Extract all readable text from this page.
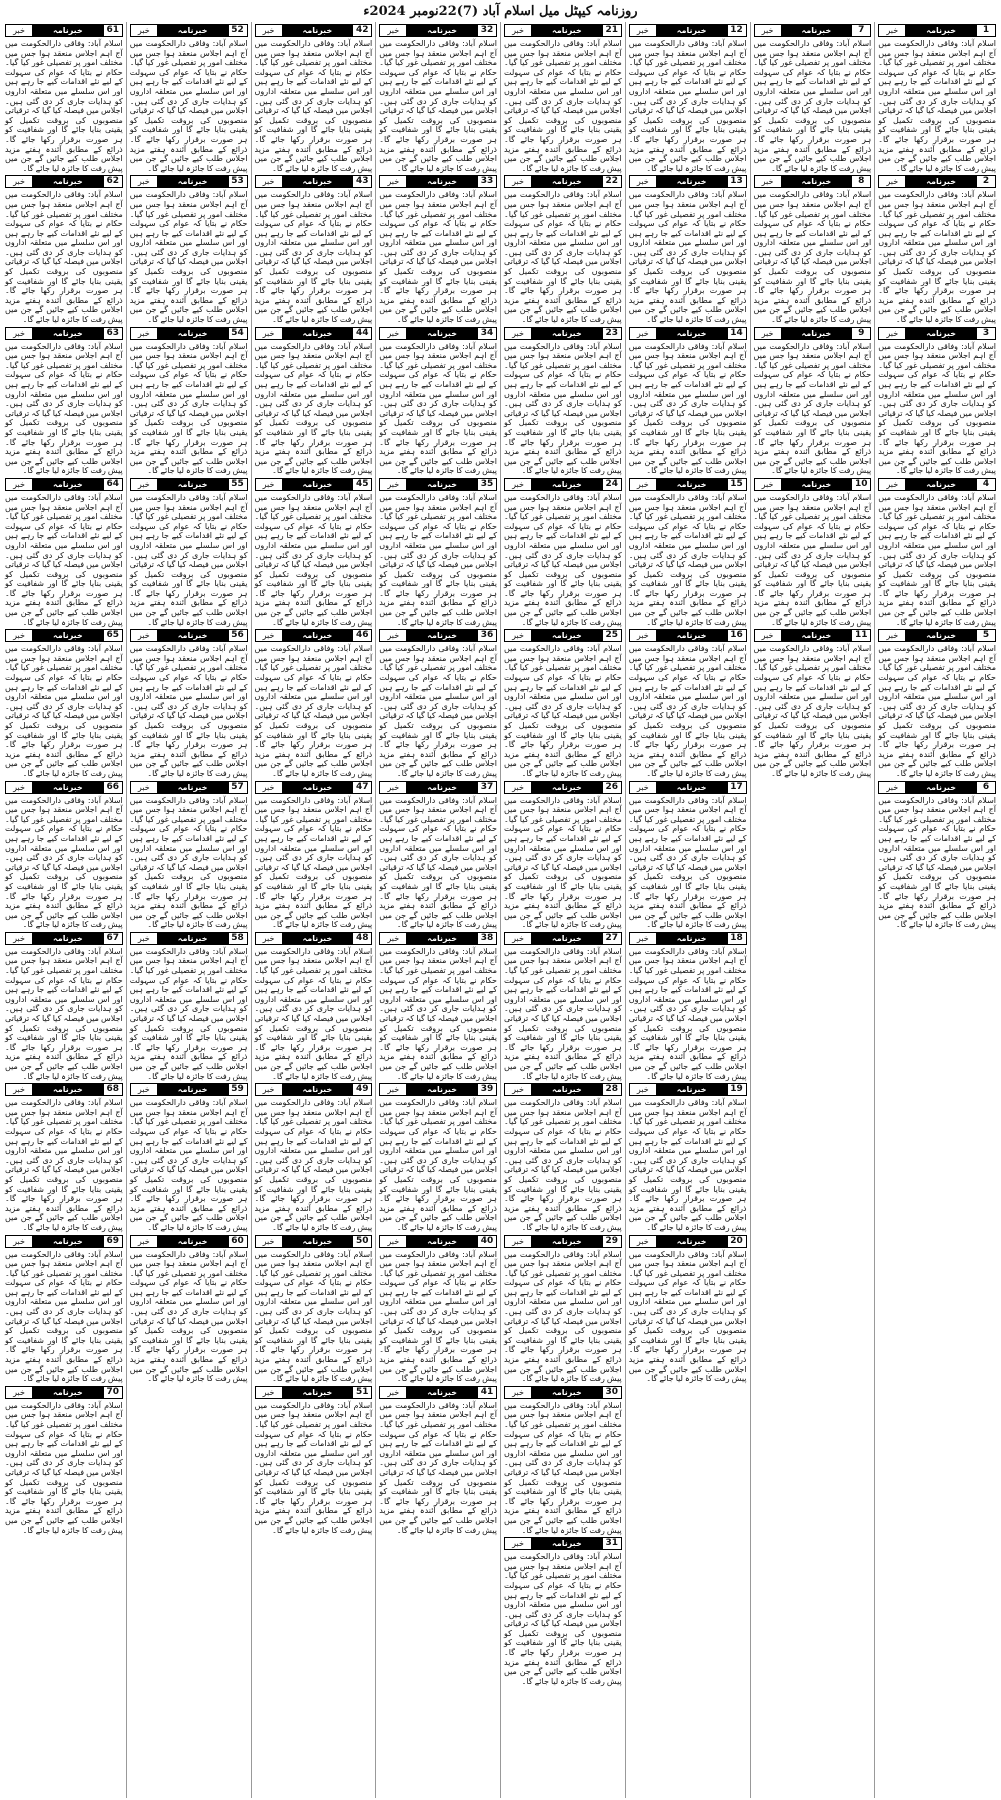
روزنامہ کیپٹل میل اسلام آباد (7)22نومبر 2024ء
1
خبرنامہ
خبر
اسلام آباد: وفاقی دارالحکومت میں آج اہم اجلاس منعقد ہوا جس میں مختلف امور پر تفصیلی غور کیا گیا۔ حکام نے بتایا کہ عوام کی سہولت کے لیے نئے اقدامات کیے جا رہے ہیں اور اس سلسلے میں متعلقہ اداروں کو ہدایات جاری کر دی گئی ہیں۔ اجلاس میں فیصلہ کیا گیا کہ ترقیاتی منصوبوں کی بروقت تکمیل کو یقینی بنایا جائے گا اور شفافیت کو ہر صورت برقرار رکھا جائے گا۔ ذرائع کے مطابق آئندہ ہفتے مزید اجلاس طلب کیے جائیں گے جن میں پیش رفت کا جائزہ لیا جائے گا۔
2
خبرنامہ
خبر
اسلام آباد: وفاقی دارالحکومت میں آج اہم اجلاس منعقد ہوا جس میں مختلف امور پر تفصیلی غور کیا گیا۔ حکام نے بتایا کہ عوام کی سہولت کے لیے نئے اقدامات کیے جا رہے ہیں اور اس سلسلے میں متعلقہ اداروں کو ہدایات جاری کر دی گئی ہیں۔ اجلاس میں فیصلہ کیا گیا کہ ترقیاتی منصوبوں کی بروقت تکمیل کو یقینی بنایا جائے گا اور شفافیت کو ہر صورت برقرار رکھا جائے گا۔ ذرائع کے مطابق آئندہ ہفتے مزید اجلاس طلب کیے جائیں گے جن میں پیش رفت کا جائزہ لیا جائے گا۔
3
خبرنامہ
خبر
اسلام آباد: وفاقی دارالحکومت میں آج اہم اجلاس منعقد ہوا جس میں مختلف امور پر تفصیلی غور کیا گیا۔ حکام نے بتایا کہ عوام کی سہولت کے لیے نئے اقدامات کیے جا رہے ہیں اور اس سلسلے میں متعلقہ اداروں کو ہدایات جاری کر دی گئی ہیں۔ اجلاس میں فیصلہ کیا گیا کہ ترقیاتی منصوبوں کی بروقت تکمیل کو یقینی بنایا جائے گا اور شفافیت کو ہر صورت برقرار رکھا جائے گا۔ ذرائع کے مطابق آئندہ ہفتے مزید اجلاس طلب کیے جائیں گے جن میں پیش رفت کا جائزہ لیا جائے گا۔
4
خبرنامہ
خبر
اسلام آباد: وفاقی دارالحکومت میں آج اہم اجلاس منعقد ہوا جس میں مختلف امور پر تفصیلی غور کیا گیا۔ حکام نے بتایا کہ عوام کی سہولت کے لیے نئے اقدامات کیے جا رہے ہیں اور اس سلسلے میں متعلقہ اداروں کو ہدایات جاری کر دی گئی ہیں۔ اجلاس میں فیصلہ کیا گیا کہ ترقیاتی منصوبوں کی بروقت تکمیل کو یقینی بنایا جائے گا اور شفافیت کو ہر صورت برقرار رکھا جائے گا۔ ذرائع کے مطابق آئندہ ہفتے مزید اجلاس طلب کیے جائیں گے جن میں پیش رفت کا جائزہ لیا جائے گا۔
5
خبرنامہ
خبر
اسلام آباد: وفاقی دارالحکومت میں آج اہم اجلاس منعقد ہوا جس میں مختلف امور پر تفصیلی غور کیا گیا۔ حکام نے بتایا کہ عوام کی سہولت کے لیے نئے اقدامات کیے جا رہے ہیں اور اس سلسلے میں متعلقہ اداروں کو ہدایات جاری کر دی گئی ہیں۔ اجلاس میں فیصلہ کیا گیا کہ ترقیاتی منصوبوں کی بروقت تکمیل کو یقینی بنایا جائے گا اور شفافیت کو ہر صورت برقرار رکھا جائے گا۔ ذرائع کے مطابق آئندہ ہفتے مزید اجلاس طلب کیے جائیں گے جن میں پیش رفت کا جائزہ لیا جائے گا۔
6
خبرنامہ
خبر
اسلام آباد: وفاقی دارالحکومت میں آج اہم اجلاس منعقد ہوا جس میں مختلف امور پر تفصیلی غور کیا گیا۔ حکام نے بتایا کہ عوام کی سہولت کے لیے نئے اقدامات کیے جا رہے ہیں اور اس سلسلے میں متعلقہ اداروں کو ہدایات جاری کر دی گئی ہیں۔ اجلاس میں فیصلہ کیا گیا کہ ترقیاتی منصوبوں کی بروقت تکمیل کو یقینی بنایا جائے گا اور شفافیت کو ہر صورت برقرار رکھا جائے گا۔ ذرائع کے مطابق آئندہ ہفتے مزید اجلاس طلب کیے جائیں گے جن میں پیش رفت کا جائزہ لیا جائے گا۔
7
خبرنامہ
خبر
اسلام آباد: وفاقی دارالحکومت میں آج اہم اجلاس منعقد ہوا جس میں مختلف امور پر تفصیلی غور کیا گیا۔ حکام نے بتایا کہ عوام کی سہولت کے لیے نئے اقدامات کیے جا رہے ہیں اور اس سلسلے میں متعلقہ اداروں کو ہدایات جاری کر دی گئی ہیں۔ اجلاس میں فیصلہ کیا گیا کہ ترقیاتی منصوبوں کی بروقت تکمیل کو یقینی بنایا جائے گا اور شفافیت کو ہر صورت برقرار رکھا جائے گا۔ ذرائع کے مطابق آئندہ ہفتے مزید اجلاس طلب کیے جائیں گے جن میں پیش رفت کا جائزہ لیا جائے گا۔
8
خبرنامہ
خبر
اسلام آباد: وفاقی دارالحکومت میں آج اہم اجلاس منعقد ہوا جس میں مختلف امور پر تفصیلی غور کیا گیا۔ حکام نے بتایا کہ عوام کی سہولت کے لیے نئے اقدامات کیے جا رہے ہیں اور اس سلسلے میں متعلقہ اداروں کو ہدایات جاری کر دی گئی ہیں۔ اجلاس میں فیصلہ کیا گیا کہ ترقیاتی منصوبوں کی بروقت تکمیل کو یقینی بنایا جائے گا اور شفافیت کو ہر صورت برقرار رکھا جائے گا۔ ذرائع کے مطابق آئندہ ہفتے مزید اجلاس طلب کیے جائیں گے جن میں پیش رفت کا جائزہ لیا جائے گا۔
9
خبرنامہ
خبر
اسلام آباد: وفاقی دارالحکومت میں آج اہم اجلاس منعقد ہوا جس میں مختلف امور پر تفصیلی غور کیا گیا۔ حکام نے بتایا کہ عوام کی سہولت کے لیے نئے اقدامات کیے جا رہے ہیں اور اس سلسلے میں متعلقہ اداروں کو ہدایات جاری کر دی گئی ہیں۔ اجلاس میں فیصلہ کیا گیا کہ ترقیاتی منصوبوں کی بروقت تکمیل کو یقینی بنایا جائے گا اور شفافیت کو ہر صورت برقرار رکھا جائے گا۔ ذرائع کے مطابق آئندہ ہفتے مزید اجلاس طلب کیے جائیں گے جن میں پیش رفت کا جائزہ لیا جائے گا۔
10
خبرنامہ
خبر
اسلام آباد: وفاقی دارالحکومت میں آج اہم اجلاس منعقد ہوا جس میں مختلف امور پر تفصیلی غور کیا گیا۔ حکام نے بتایا کہ عوام کی سہولت کے لیے نئے اقدامات کیے جا رہے ہیں اور اس سلسلے میں متعلقہ اداروں کو ہدایات جاری کر دی گئی ہیں۔ اجلاس میں فیصلہ کیا گیا کہ ترقیاتی منصوبوں کی بروقت تکمیل کو یقینی بنایا جائے گا اور شفافیت کو ہر صورت برقرار رکھا جائے گا۔ ذرائع کے مطابق آئندہ ہفتے مزید اجلاس طلب کیے جائیں گے جن میں پیش رفت کا جائزہ لیا جائے گا۔
11
خبرنامہ
خبر
اسلام آباد: وفاقی دارالحکومت میں آج اہم اجلاس منعقد ہوا جس میں مختلف امور پر تفصیلی غور کیا گیا۔ حکام نے بتایا کہ عوام کی سہولت کے لیے نئے اقدامات کیے جا رہے ہیں اور اس سلسلے میں متعلقہ اداروں کو ہدایات جاری کر دی گئی ہیں۔ اجلاس میں فیصلہ کیا گیا کہ ترقیاتی منصوبوں کی بروقت تکمیل کو یقینی بنایا جائے گا اور شفافیت کو ہر صورت برقرار رکھا جائے گا۔ ذرائع کے مطابق آئندہ ہفتے مزید اجلاس طلب کیے جائیں گے جن میں پیش رفت کا جائزہ لیا جائے گا۔
12
خبرنامہ
خبر
اسلام آباد: وفاقی دارالحکومت میں آج اہم اجلاس منعقد ہوا جس میں مختلف امور پر تفصیلی غور کیا گیا۔ حکام نے بتایا کہ عوام کی سہولت کے لیے نئے اقدامات کیے جا رہے ہیں اور اس سلسلے میں متعلقہ اداروں کو ہدایات جاری کر دی گئی ہیں۔ اجلاس میں فیصلہ کیا گیا کہ ترقیاتی منصوبوں کی بروقت تکمیل کو یقینی بنایا جائے گا اور شفافیت کو ہر صورت برقرار رکھا جائے گا۔ ذرائع کے مطابق آئندہ ہفتے مزید اجلاس طلب کیے جائیں گے جن میں پیش رفت کا جائزہ لیا جائے گا۔
13
خبرنامہ
خبر
اسلام آباد: وفاقی دارالحکومت میں آج اہم اجلاس منعقد ہوا جس میں مختلف امور پر تفصیلی غور کیا گیا۔ حکام نے بتایا کہ عوام کی سہولت کے لیے نئے اقدامات کیے جا رہے ہیں اور اس سلسلے میں متعلقہ اداروں کو ہدایات جاری کر دی گئی ہیں۔ اجلاس میں فیصلہ کیا گیا کہ ترقیاتی منصوبوں کی بروقت تکمیل کو یقینی بنایا جائے گا اور شفافیت کو ہر صورت برقرار رکھا جائے گا۔ ذرائع کے مطابق آئندہ ہفتے مزید اجلاس طلب کیے جائیں گے جن میں پیش رفت کا جائزہ لیا جائے گا۔
14
خبرنامہ
خبر
اسلام آباد: وفاقی دارالحکومت میں آج اہم اجلاس منعقد ہوا جس میں مختلف امور پر تفصیلی غور کیا گیا۔ حکام نے بتایا کہ عوام کی سہولت کے لیے نئے اقدامات کیے جا رہے ہیں اور اس سلسلے میں متعلقہ اداروں کو ہدایات جاری کر دی گئی ہیں۔ اجلاس میں فیصلہ کیا گیا کہ ترقیاتی منصوبوں کی بروقت تکمیل کو یقینی بنایا جائے گا اور شفافیت کو ہر صورت برقرار رکھا جائے گا۔ ذرائع کے مطابق آئندہ ہفتے مزید اجلاس طلب کیے جائیں گے جن میں پیش رفت کا جائزہ لیا جائے گا۔
15
خبرنامہ
خبر
اسلام آباد: وفاقی دارالحکومت میں آج اہم اجلاس منعقد ہوا جس میں مختلف امور پر تفصیلی غور کیا گیا۔ حکام نے بتایا کہ عوام کی سہولت کے لیے نئے اقدامات کیے جا رہے ہیں اور اس سلسلے میں متعلقہ اداروں کو ہدایات جاری کر دی گئی ہیں۔ اجلاس میں فیصلہ کیا گیا کہ ترقیاتی منصوبوں کی بروقت تکمیل کو یقینی بنایا جائے گا اور شفافیت کو ہر صورت برقرار رکھا جائے گا۔ ذرائع کے مطابق آئندہ ہفتے مزید اجلاس طلب کیے جائیں گے جن میں پیش رفت کا جائزہ لیا جائے گا۔
16
خبرنامہ
خبر
اسلام آباد: وفاقی دارالحکومت میں آج اہم اجلاس منعقد ہوا جس میں مختلف امور پر تفصیلی غور کیا گیا۔ حکام نے بتایا کہ عوام کی سہولت کے لیے نئے اقدامات کیے جا رہے ہیں اور اس سلسلے میں متعلقہ اداروں کو ہدایات جاری کر دی گئی ہیں۔ اجلاس میں فیصلہ کیا گیا کہ ترقیاتی منصوبوں کی بروقت تکمیل کو یقینی بنایا جائے گا اور شفافیت کو ہر صورت برقرار رکھا جائے گا۔ ذرائع کے مطابق آئندہ ہفتے مزید اجلاس طلب کیے جائیں گے جن میں پیش رفت کا جائزہ لیا جائے گا۔
17
خبرنامہ
خبر
اسلام آباد: وفاقی دارالحکومت میں آج اہم اجلاس منعقد ہوا جس میں مختلف امور پر تفصیلی غور کیا گیا۔ حکام نے بتایا کہ عوام کی سہولت کے لیے نئے اقدامات کیے جا رہے ہیں اور اس سلسلے میں متعلقہ اداروں کو ہدایات جاری کر دی گئی ہیں۔ اجلاس میں فیصلہ کیا گیا کہ ترقیاتی منصوبوں کی بروقت تکمیل کو یقینی بنایا جائے گا اور شفافیت کو ہر صورت برقرار رکھا جائے گا۔ ذرائع کے مطابق آئندہ ہفتے مزید اجلاس طلب کیے جائیں گے جن میں پیش رفت کا جائزہ لیا جائے گا۔
18
خبرنامہ
خبر
اسلام آباد: وفاقی دارالحکومت میں آج اہم اجلاس منعقد ہوا جس میں مختلف امور پر تفصیلی غور کیا گیا۔ حکام نے بتایا کہ عوام کی سہولت کے لیے نئے اقدامات کیے جا رہے ہیں اور اس سلسلے میں متعلقہ اداروں کو ہدایات جاری کر دی گئی ہیں۔ اجلاس میں فیصلہ کیا گیا کہ ترقیاتی منصوبوں کی بروقت تکمیل کو یقینی بنایا جائے گا اور شفافیت کو ہر صورت برقرار رکھا جائے گا۔ ذرائع کے مطابق آئندہ ہفتے مزید اجلاس طلب کیے جائیں گے جن میں پیش رفت کا جائزہ لیا جائے گا۔
19
خبرنامہ
خبر
اسلام آباد: وفاقی دارالحکومت میں آج اہم اجلاس منعقد ہوا جس میں مختلف امور پر تفصیلی غور کیا گیا۔ حکام نے بتایا کہ عوام کی سہولت کے لیے نئے اقدامات کیے جا رہے ہیں اور اس سلسلے میں متعلقہ اداروں کو ہدایات جاری کر دی گئی ہیں۔ اجلاس میں فیصلہ کیا گیا کہ ترقیاتی منصوبوں کی بروقت تکمیل کو یقینی بنایا جائے گا اور شفافیت کو ہر صورت برقرار رکھا جائے گا۔ ذرائع کے مطابق آئندہ ہفتے مزید اجلاس طلب کیے جائیں گے جن میں پیش رفت کا جائزہ لیا جائے گا۔
20
خبرنامہ
خبر
اسلام آباد: وفاقی دارالحکومت میں آج اہم اجلاس منعقد ہوا جس میں مختلف امور پر تفصیلی غور کیا گیا۔ حکام نے بتایا کہ عوام کی سہولت کے لیے نئے اقدامات کیے جا رہے ہیں اور اس سلسلے میں متعلقہ اداروں کو ہدایات جاری کر دی گئی ہیں۔ اجلاس میں فیصلہ کیا گیا کہ ترقیاتی منصوبوں کی بروقت تکمیل کو یقینی بنایا جائے گا اور شفافیت کو ہر صورت برقرار رکھا جائے گا۔ ذرائع کے مطابق آئندہ ہفتے مزید اجلاس طلب کیے جائیں گے جن میں پیش رفت کا جائزہ لیا جائے گا۔
21
خبرنامہ
خبر
اسلام آباد: وفاقی دارالحکومت میں آج اہم اجلاس منعقد ہوا جس میں مختلف امور پر تفصیلی غور کیا گیا۔ حکام نے بتایا کہ عوام کی سہولت کے لیے نئے اقدامات کیے جا رہے ہیں اور اس سلسلے میں متعلقہ اداروں کو ہدایات جاری کر دی گئی ہیں۔ اجلاس میں فیصلہ کیا گیا کہ ترقیاتی منصوبوں کی بروقت تکمیل کو یقینی بنایا جائے گا اور شفافیت کو ہر صورت برقرار رکھا جائے گا۔ ذرائع کے مطابق آئندہ ہفتے مزید اجلاس طلب کیے جائیں گے جن میں پیش رفت کا جائزہ لیا جائے گا۔
22
خبرنامہ
خبر
اسلام آباد: وفاقی دارالحکومت میں آج اہم اجلاس منعقد ہوا جس میں مختلف امور پر تفصیلی غور کیا گیا۔ حکام نے بتایا کہ عوام کی سہولت کے لیے نئے اقدامات کیے جا رہے ہیں اور اس سلسلے میں متعلقہ اداروں کو ہدایات جاری کر دی گئی ہیں۔ اجلاس میں فیصلہ کیا گیا کہ ترقیاتی منصوبوں کی بروقت تکمیل کو یقینی بنایا جائے گا اور شفافیت کو ہر صورت برقرار رکھا جائے گا۔ ذرائع کے مطابق آئندہ ہفتے مزید اجلاس طلب کیے جائیں گے جن میں پیش رفت کا جائزہ لیا جائے گا۔
23
خبرنامہ
خبر
اسلام آباد: وفاقی دارالحکومت میں آج اہم اجلاس منعقد ہوا جس میں مختلف امور پر تفصیلی غور کیا گیا۔ حکام نے بتایا کہ عوام کی سہولت کے لیے نئے اقدامات کیے جا رہے ہیں اور اس سلسلے میں متعلقہ اداروں کو ہدایات جاری کر دی گئی ہیں۔ اجلاس میں فیصلہ کیا گیا کہ ترقیاتی منصوبوں کی بروقت تکمیل کو یقینی بنایا جائے گا اور شفافیت کو ہر صورت برقرار رکھا جائے گا۔ ذرائع کے مطابق آئندہ ہفتے مزید اجلاس طلب کیے جائیں گے جن میں پیش رفت کا جائزہ لیا جائے گا۔
24
خبرنامہ
خبر
اسلام آباد: وفاقی دارالحکومت میں آج اہم اجلاس منعقد ہوا جس میں مختلف امور پر تفصیلی غور کیا گیا۔ حکام نے بتایا کہ عوام کی سہولت کے لیے نئے اقدامات کیے جا رہے ہیں اور اس سلسلے میں متعلقہ اداروں کو ہدایات جاری کر دی گئی ہیں۔ اجلاس میں فیصلہ کیا گیا کہ ترقیاتی منصوبوں کی بروقت تکمیل کو یقینی بنایا جائے گا اور شفافیت کو ہر صورت برقرار رکھا جائے گا۔ ذرائع کے مطابق آئندہ ہفتے مزید اجلاس طلب کیے جائیں گے جن میں پیش رفت کا جائزہ لیا جائے گا۔
25
خبرنامہ
خبر
اسلام آباد: وفاقی دارالحکومت میں آج اہم اجلاس منعقد ہوا جس میں مختلف امور پر تفصیلی غور کیا گیا۔ حکام نے بتایا کہ عوام کی سہولت کے لیے نئے اقدامات کیے جا رہے ہیں اور اس سلسلے میں متعلقہ اداروں کو ہدایات جاری کر دی گئی ہیں۔ اجلاس میں فیصلہ کیا گیا کہ ترقیاتی منصوبوں کی بروقت تکمیل کو یقینی بنایا جائے گا اور شفافیت کو ہر صورت برقرار رکھا جائے گا۔ ذرائع کے مطابق آئندہ ہفتے مزید اجلاس طلب کیے جائیں گے جن میں پیش رفت کا جائزہ لیا جائے گا۔
26
خبرنامہ
خبر
اسلام آباد: وفاقی دارالحکومت میں آج اہم اجلاس منعقد ہوا جس میں مختلف امور پر تفصیلی غور کیا گیا۔ حکام نے بتایا کہ عوام کی سہولت کے لیے نئے اقدامات کیے جا رہے ہیں اور اس سلسلے میں متعلقہ اداروں کو ہدایات جاری کر دی گئی ہیں۔ اجلاس میں فیصلہ کیا گیا کہ ترقیاتی منصوبوں کی بروقت تکمیل کو یقینی بنایا جائے گا اور شفافیت کو ہر صورت برقرار رکھا جائے گا۔ ذرائع کے مطابق آئندہ ہفتے مزید اجلاس طلب کیے جائیں گے جن میں پیش رفت کا جائزہ لیا جائے گا۔
27
خبرنامہ
خبر
اسلام آباد: وفاقی دارالحکومت میں آج اہم اجلاس منعقد ہوا جس میں مختلف امور پر تفصیلی غور کیا گیا۔ حکام نے بتایا کہ عوام کی سہولت کے لیے نئے اقدامات کیے جا رہے ہیں اور اس سلسلے میں متعلقہ اداروں کو ہدایات جاری کر دی گئی ہیں۔ اجلاس میں فیصلہ کیا گیا کہ ترقیاتی منصوبوں کی بروقت تکمیل کو یقینی بنایا جائے گا اور شفافیت کو ہر صورت برقرار رکھا جائے گا۔ ذرائع کے مطابق آئندہ ہفتے مزید اجلاس طلب کیے جائیں گے جن میں پیش رفت کا جائزہ لیا جائے گا۔
28
خبرنامہ
خبر
اسلام آباد: وفاقی دارالحکومت میں آج اہم اجلاس منعقد ہوا جس میں مختلف امور پر تفصیلی غور کیا گیا۔ حکام نے بتایا کہ عوام کی سہولت کے لیے نئے اقدامات کیے جا رہے ہیں اور اس سلسلے میں متعلقہ اداروں کو ہدایات جاری کر دی گئی ہیں۔ اجلاس میں فیصلہ کیا گیا کہ ترقیاتی منصوبوں کی بروقت تکمیل کو یقینی بنایا جائے گا اور شفافیت کو ہر صورت برقرار رکھا جائے گا۔ ذرائع کے مطابق آئندہ ہفتے مزید اجلاس طلب کیے جائیں گے جن میں پیش رفت کا جائزہ لیا جائے گا۔
29
خبرنامہ
خبر
اسلام آباد: وفاقی دارالحکومت میں آج اہم اجلاس منعقد ہوا جس میں مختلف امور پر تفصیلی غور کیا گیا۔ حکام نے بتایا کہ عوام کی سہولت کے لیے نئے اقدامات کیے جا رہے ہیں اور اس سلسلے میں متعلقہ اداروں کو ہدایات جاری کر دی گئی ہیں۔ اجلاس میں فیصلہ کیا گیا کہ ترقیاتی منصوبوں کی بروقت تکمیل کو یقینی بنایا جائے گا اور شفافیت کو ہر صورت برقرار رکھا جائے گا۔ ذرائع کے مطابق آئندہ ہفتے مزید اجلاس طلب کیے جائیں گے جن میں پیش رفت کا جائزہ لیا جائے گا۔
30
خبرنامہ
خبر
اسلام آباد: وفاقی دارالحکومت میں آج اہم اجلاس منعقد ہوا جس میں مختلف امور پر تفصیلی غور کیا گیا۔ حکام نے بتایا کہ عوام کی سہولت کے لیے نئے اقدامات کیے جا رہے ہیں اور اس سلسلے میں متعلقہ اداروں کو ہدایات جاری کر دی گئی ہیں۔ اجلاس میں فیصلہ کیا گیا کہ ترقیاتی منصوبوں کی بروقت تکمیل کو یقینی بنایا جائے گا اور شفافیت کو ہر صورت برقرار رکھا جائے گا۔ ذرائع کے مطابق آئندہ ہفتے مزید اجلاس طلب کیے جائیں گے جن میں پیش رفت کا جائزہ لیا جائے گا۔
31
خبرنامہ
خبر
اسلام آباد: وفاقی دارالحکومت میں آج اہم اجلاس منعقد ہوا جس میں مختلف امور پر تفصیلی غور کیا گیا۔ حکام نے بتایا کہ عوام کی سہولت کے لیے نئے اقدامات کیے جا رہے ہیں اور اس سلسلے میں متعلقہ اداروں کو ہدایات جاری کر دی گئی ہیں۔ اجلاس میں فیصلہ کیا گیا کہ ترقیاتی منصوبوں کی بروقت تکمیل کو یقینی بنایا جائے گا اور شفافیت کو ہر صورت برقرار رکھا جائے گا۔ ذرائع کے مطابق آئندہ ہفتے مزید اجلاس طلب کیے جائیں گے جن میں پیش رفت کا جائزہ لیا جائے گا۔
32
خبرنامہ
خبر
اسلام آباد: وفاقی دارالحکومت میں آج اہم اجلاس منعقد ہوا جس میں مختلف امور پر تفصیلی غور کیا گیا۔ حکام نے بتایا کہ عوام کی سہولت کے لیے نئے اقدامات کیے جا رہے ہیں اور اس سلسلے میں متعلقہ اداروں کو ہدایات جاری کر دی گئی ہیں۔ اجلاس میں فیصلہ کیا گیا کہ ترقیاتی منصوبوں کی بروقت تکمیل کو یقینی بنایا جائے گا اور شفافیت کو ہر صورت برقرار رکھا جائے گا۔ ذرائع کے مطابق آئندہ ہفتے مزید اجلاس طلب کیے جائیں گے جن میں پیش رفت کا جائزہ لیا جائے گا۔
33
خبرنامہ
خبر
اسلام آباد: وفاقی دارالحکومت میں آج اہم اجلاس منعقد ہوا جس میں مختلف امور پر تفصیلی غور کیا گیا۔ حکام نے بتایا کہ عوام کی سہولت کے لیے نئے اقدامات کیے جا رہے ہیں اور اس سلسلے میں متعلقہ اداروں کو ہدایات جاری کر دی گئی ہیں۔ اجلاس میں فیصلہ کیا گیا کہ ترقیاتی منصوبوں کی بروقت تکمیل کو یقینی بنایا جائے گا اور شفافیت کو ہر صورت برقرار رکھا جائے گا۔ ذرائع کے مطابق آئندہ ہفتے مزید اجلاس طلب کیے جائیں گے جن میں پیش رفت کا جائزہ لیا جائے گا۔
34
خبرنامہ
خبر
اسلام آباد: وفاقی دارالحکومت میں آج اہم اجلاس منعقد ہوا جس میں مختلف امور پر تفصیلی غور کیا گیا۔ حکام نے بتایا کہ عوام کی سہولت کے لیے نئے اقدامات کیے جا رہے ہیں اور اس سلسلے میں متعلقہ اداروں کو ہدایات جاری کر دی گئی ہیں۔ اجلاس میں فیصلہ کیا گیا کہ ترقیاتی منصوبوں کی بروقت تکمیل کو یقینی بنایا جائے گا اور شفافیت کو ہر صورت برقرار رکھا جائے گا۔ ذرائع کے مطابق آئندہ ہفتے مزید اجلاس طلب کیے جائیں گے جن میں پیش رفت کا جائزہ لیا جائے گا۔
35
خبرنامہ
خبر
اسلام آباد: وفاقی دارالحکومت میں آج اہم اجلاس منعقد ہوا جس میں مختلف امور پر تفصیلی غور کیا گیا۔ حکام نے بتایا کہ عوام کی سہولت کے لیے نئے اقدامات کیے جا رہے ہیں اور اس سلسلے میں متعلقہ اداروں کو ہدایات جاری کر دی گئی ہیں۔ اجلاس میں فیصلہ کیا گیا کہ ترقیاتی منصوبوں کی بروقت تکمیل کو یقینی بنایا جائے گا اور شفافیت کو ہر صورت برقرار رکھا جائے گا۔ ذرائع کے مطابق آئندہ ہفتے مزید اجلاس طلب کیے جائیں گے جن میں پیش رفت کا جائزہ لیا جائے گا۔
36
خبرنامہ
خبر
اسلام آباد: وفاقی دارالحکومت میں آج اہم اجلاس منعقد ہوا جس میں مختلف امور پر تفصیلی غور کیا گیا۔ حکام نے بتایا کہ عوام کی سہولت کے لیے نئے اقدامات کیے جا رہے ہیں اور اس سلسلے میں متعلقہ اداروں کو ہدایات جاری کر دی گئی ہیں۔ اجلاس میں فیصلہ کیا گیا کہ ترقیاتی منصوبوں کی بروقت تکمیل کو یقینی بنایا جائے گا اور شفافیت کو ہر صورت برقرار رکھا جائے گا۔ ذرائع کے مطابق آئندہ ہفتے مزید اجلاس طلب کیے جائیں گے جن میں پیش رفت کا جائزہ لیا جائے گا۔
37
خبرنامہ
خبر
اسلام آباد: وفاقی دارالحکومت میں آج اہم اجلاس منعقد ہوا جس میں مختلف امور پر تفصیلی غور کیا گیا۔ حکام نے بتایا کہ عوام کی سہولت کے لیے نئے اقدامات کیے جا رہے ہیں اور اس سلسلے میں متعلقہ اداروں کو ہدایات جاری کر دی گئی ہیں۔ اجلاس میں فیصلہ کیا گیا کہ ترقیاتی منصوبوں کی بروقت تکمیل کو یقینی بنایا جائے گا اور شفافیت کو ہر صورت برقرار رکھا جائے گا۔ ذرائع کے مطابق آئندہ ہفتے مزید اجلاس طلب کیے جائیں گے جن میں پیش رفت کا جائزہ لیا جائے گا۔
38
خبرنامہ
خبر
اسلام آباد: وفاقی دارالحکومت میں آج اہم اجلاس منعقد ہوا جس میں مختلف امور پر تفصیلی غور کیا گیا۔ حکام نے بتایا کہ عوام کی سہولت کے لیے نئے اقدامات کیے جا رہے ہیں اور اس سلسلے میں متعلقہ اداروں کو ہدایات جاری کر دی گئی ہیں۔ اجلاس میں فیصلہ کیا گیا کہ ترقیاتی منصوبوں کی بروقت تکمیل کو یقینی بنایا جائے گا اور شفافیت کو ہر صورت برقرار رکھا جائے گا۔ ذرائع کے مطابق آئندہ ہفتے مزید اجلاس طلب کیے جائیں گے جن میں پیش رفت کا جائزہ لیا جائے گا۔
39
خبرنامہ
خبر
اسلام آباد: وفاقی دارالحکومت میں آج اہم اجلاس منعقد ہوا جس میں مختلف امور پر تفصیلی غور کیا گیا۔ حکام نے بتایا کہ عوام کی سہولت کے لیے نئے اقدامات کیے جا رہے ہیں اور اس سلسلے میں متعلقہ اداروں کو ہدایات جاری کر دی گئی ہیں۔ اجلاس میں فیصلہ کیا گیا کہ ترقیاتی منصوبوں کی بروقت تکمیل کو یقینی بنایا جائے گا اور شفافیت کو ہر صورت برقرار رکھا جائے گا۔ ذرائع کے مطابق آئندہ ہفتے مزید اجلاس طلب کیے جائیں گے جن میں پیش رفت کا جائزہ لیا جائے گا۔
40
خبرنامہ
خبر
اسلام آباد: وفاقی دارالحکومت میں آج اہم اجلاس منعقد ہوا جس میں مختلف امور پر تفصیلی غور کیا گیا۔ حکام نے بتایا کہ عوام کی سہولت کے لیے نئے اقدامات کیے جا رہے ہیں اور اس سلسلے میں متعلقہ اداروں کو ہدایات جاری کر دی گئی ہیں۔ اجلاس میں فیصلہ کیا گیا کہ ترقیاتی منصوبوں کی بروقت تکمیل کو یقینی بنایا جائے گا اور شفافیت کو ہر صورت برقرار رکھا جائے گا۔ ذرائع کے مطابق آئندہ ہفتے مزید اجلاس طلب کیے جائیں گے جن میں پیش رفت کا جائزہ لیا جائے گا۔
41
خبرنامہ
خبر
اسلام آباد: وفاقی دارالحکومت میں آج اہم اجلاس منعقد ہوا جس میں مختلف امور پر تفصیلی غور کیا گیا۔ حکام نے بتایا کہ عوام کی سہولت کے لیے نئے اقدامات کیے جا رہے ہیں اور اس سلسلے میں متعلقہ اداروں کو ہدایات جاری کر دی گئی ہیں۔ اجلاس میں فیصلہ کیا گیا کہ ترقیاتی منصوبوں کی بروقت تکمیل کو یقینی بنایا جائے گا اور شفافیت کو ہر صورت برقرار رکھا جائے گا۔ ذرائع کے مطابق آئندہ ہفتے مزید اجلاس طلب کیے جائیں گے جن میں پیش رفت کا جائزہ لیا جائے گا۔
42
خبرنامہ
خبر
اسلام آباد: وفاقی دارالحکومت میں آج اہم اجلاس منعقد ہوا جس میں مختلف امور پر تفصیلی غور کیا گیا۔ حکام نے بتایا کہ عوام کی سہولت کے لیے نئے اقدامات کیے جا رہے ہیں اور اس سلسلے میں متعلقہ اداروں کو ہدایات جاری کر دی گئی ہیں۔ اجلاس میں فیصلہ کیا گیا کہ ترقیاتی منصوبوں کی بروقت تکمیل کو یقینی بنایا جائے گا اور شفافیت کو ہر صورت برقرار رکھا جائے گا۔ ذرائع کے مطابق آئندہ ہفتے مزید اجلاس طلب کیے جائیں گے جن میں پیش رفت کا جائزہ لیا جائے گا۔
43
خبرنامہ
خبر
اسلام آباد: وفاقی دارالحکومت میں آج اہم اجلاس منعقد ہوا جس میں مختلف امور پر تفصیلی غور کیا گیا۔ حکام نے بتایا کہ عوام کی سہولت کے لیے نئے اقدامات کیے جا رہے ہیں اور اس سلسلے میں متعلقہ اداروں کو ہدایات جاری کر دی گئی ہیں۔ اجلاس میں فیصلہ کیا گیا کہ ترقیاتی منصوبوں کی بروقت تکمیل کو یقینی بنایا جائے گا اور شفافیت کو ہر صورت برقرار رکھا جائے گا۔ ذرائع کے مطابق آئندہ ہفتے مزید اجلاس طلب کیے جائیں گے جن میں پیش رفت کا جائزہ لیا جائے گا۔
44
خبرنامہ
خبر
اسلام آباد: وفاقی دارالحکومت میں آج اہم اجلاس منعقد ہوا جس میں مختلف امور پر تفصیلی غور کیا گیا۔ حکام نے بتایا کہ عوام کی سہولت کے لیے نئے اقدامات کیے جا رہے ہیں اور اس سلسلے میں متعلقہ اداروں کو ہدایات جاری کر دی گئی ہیں۔ اجلاس میں فیصلہ کیا گیا کہ ترقیاتی منصوبوں کی بروقت تکمیل کو یقینی بنایا جائے گا اور شفافیت کو ہر صورت برقرار رکھا جائے گا۔ ذرائع کے مطابق آئندہ ہفتے مزید اجلاس طلب کیے جائیں گے جن میں پیش رفت کا جائزہ لیا جائے گا۔
45
خبرنامہ
خبر
اسلام آباد: وفاقی دارالحکومت میں آج اہم اجلاس منعقد ہوا جس میں مختلف امور پر تفصیلی غور کیا گیا۔ حکام نے بتایا کہ عوام کی سہولت کے لیے نئے اقدامات کیے جا رہے ہیں اور اس سلسلے میں متعلقہ اداروں کو ہدایات جاری کر دی گئی ہیں۔ اجلاس میں فیصلہ کیا گیا کہ ترقیاتی منصوبوں کی بروقت تکمیل کو یقینی بنایا جائے گا اور شفافیت کو ہر صورت برقرار رکھا جائے گا۔ ذرائع کے مطابق آئندہ ہفتے مزید اجلاس طلب کیے جائیں گے جن میں پیش رفت کا جائزہ لیا جائے گا۔
46
خبرنامہ
خبر
اسلام آباد: وفاقی دارالحکومت میں آج اہم اجلاس منعقد ہوا جس میں مختلف امور پر تفصیلی غور کیا گیا۔ حکام نے بتایا کہ عوام کی سہولت کے لیے نئے اقدامات کیے جا رہے ہیں اور اس سلسلے میں متعلقہ اداروں کو ہدایات جاری کر دی گئی ہیں۔ اجلاس میں فیصلہ کیا گیا کہ ترقیاتی منصوبوں کی بروقت تکمیل کو یقینی بنایا جائے گا اور شفافیت کو ہر صورت برقرار رکھا جائے گا۔ ذرائع کے مطابق آئندہ ہفتے مزید اجلاس طلب کیے جائیں گے جن میں پیش رفت کا جائزہ لیا جائے گا۔
47
خبرنامہ
خبر
اسلام آباد: وفاقی دارالحکومت میں آج اہم اجلاس منعقد ہوا جس میں مختلف امور پر تفصیلی غور کیا گیا۔ حکام نے بتایا کہ عوام کی سہولت کے لیے نئے اقدامات کیے جا رہے ہیں اور اس سلسلے میں متعلقہ اداروں کو ہدایات جاری کر دی گئی ہیں۔ اجلاس میں فیصلہ کیا گیا کہ ترقیاتی منصوبوں کی بروقت تکمیل کو یقینی بنایا جائے گا اور شفافیت کو ہر صورت برقرار رکھا جائے گا۔ ذرائع کے مطابق آئندہ ہفتے مزید اجلاس طلب کیے جائیں گے جن میں پیش رفت کا جائزہ لیا جائے گا۔
48
خبرنامہ
خبر
اسلام آباد: وفاقی دارالحکومت میں آج اہم اجلاس منعقد ہوا جس میں مختلف امور پر تفصیلی غور کیا گیا۔ حکام نے بتایا کہ عوام کی سہولت کے لیے نئے اقدامات کیے جا رہے ہیں اور اس سلسلے میں متعلقہ اداروں کو ہدایات جاری کر دی گئی ہیں۔ اجلاس میں فیصلہ کیا گیا کہ ترقیاتی منصوبوں کی بروقت تکمیل کو یقینی بنایا جائے گا اور شفافیت کو ہر صورت برقرار رکھا جائے گا۔ ذرائع کے مطابق آئندہ ہفتے مزید اجلاس طلب کیے جائیں گے جن میں پیش رفت کا جائزہ لیا جائے گا۔
49
خبرنامہ
خبر
اسلام آباد: وفاقی دارالحکومت میں آج اہم اجلاس منعقد ہوا جس میں مختلف امور پر تفصیلی غور کیا گیا۔ حکام نے بتایا کہ عوام کی سہولت کے لیے نئے اقدامات کیے جا رہے ہیں اور اس سلسلے میں متعلقہ اداروں کو ہدایات جاری کر دی گئی ہیں۔ اجلاس میں فیصلہ کیا گیا کہ ترقیاتی منصوبوں کی بروقت تکمیل کو یقینی بنایا جائے گا اور شفافیت کو ہر صورت برقرار رکھا جائے گا۔ ذرائع کے مطابق آئندہ ہفتے مزید اجلاس طلب کیے جائیں گے جن میں پیش رفت کا جائزہ لیا جائے گا۔
50
خبرنامہ
خبر
اسلام آباد: وفاقی دارالحکومت میں آج اہم اجلاس منعقد ہوا جس میں مختلف امور پر تفصیلی غور کیا گیا۔ حکام نے بتایا کہ عوام کی سہولت کے لیے نئے اقدامات کیے جا رہے ہیں اور اس سلسلے میں متعلقہ اداروں کو ہدایات جاری کر دی گئی ہیں۔ اجلاس میں فیصلہ کیا گیا کہ ترقیاتی منصوبوں کی بروقت تکمیل کو یقینی بنایا جائے گا اور شفافیت کو ہر صورت برقرار رکھا جائے گا۔ ذرائع کے مطابق آئندہ ہفتے مزید اجلاس طلب کیے جائیں گے جن میں پیش رفت کا جائزہ لیا جائے گا۔
51
خبرنامہ
خبر
اسلام آباد: وفاقی دارالحکومت میں آج اہم اجلاس منعقد ہوا جس میں مختلف امور پر تفصیلی غور کیا گیا۔ حکام نے بتایا کہ عوام کی سہولت کے لیے نئے اقدامات کیے جا رہے ہیں اور اس سلسلے میں متعلقہ اداروں کو ہدایات جاری کر دی گئی ہیں۔ اجلاس میں فیصلہ کیا گیا کہ ترقیاتی منصوبوں کی بروقت تکمیل کو یقینی بنایا جائے گا اور شفافیت کو ہر صورت برقرار رکھا جائے گا۔ ذرائع کے مطابق آئندہ ہفتے مزید اجلاس طلب کیے جائیں گے جن میں پیش رفت کا جائزہ لیا جائے گا۔
52
خبرنامہ
خبر
اسلام آباد: وفاقی دارالحکومت میں آج اہم اجلاس منعقد ہوا جس میں مختلف امور پر تفصیلی غور کیا گیا۔ حکام نے بتایا کہ عوام کی سہولت کے لیے نئے اقدامات کیے جا رہے ہیں اور اس سلسلے میں متعلقہ اداروں کو ہدایات جاری کر دی گئی ہیں۔ اجلاس میں فیصلہ کیا گیا کہ ترقیاتی منصوبوں کی بروقت تکمیل کو یقینی بنایا جائے گا اور شفافیت کو ہر صورت برقرار رکھا جائے گا۔ ذرائع کے مطابق آئندہ ہفتے مزید اجلاس طلب کیے جائیں گے جن میں پیش رفت کا جائزہ لیا جائے گا۔
53
خبرنامہ
خبر
اسلام آباد: وفاقی دارالحکومت میں آج اہم اجلاس منعقد ہوا جس میں مختلف امور پر تفصیلی غور کیا گیا۔ حکام نے بتایا کہ عوام کی سہولت کے لیے نئے اقدامات کیے جا رہے ہیں اور اس سلسلے میں متعلقہ اداروں کو ہدایات جاری کر دی گئی ہیں۔ اجلاس میں فیصلہ کیا گیا کہ ترقیاتی منصوبوں کی بروقت تکمیل کو یقینی بنایا جائے گا اور شفافیت کو ہر صورت برقرار رکھا جائے گا۔ ذرائع کے مطابق آئندہ ہفتے مزید اجلاس طلب کیے جائیں گے جن میں پیش رفت کا جائزہ لیا جائے گا۔
54
خبرنامہ
خبر
اسلام آباد: وفاقی دارالحکومت میں آج اہم اجلاس منعقد ہوا جس میں مختلف امور پر تفصیلی غور کیا گیا۔ حکام نے بتایا کہ عوام کی سہولت کے لیے نئے اقدامات کیے جا رہے ہیں اور اس سلسلے میں متعلقہ اداروں کو ہدایات جاری کر دی گئی ہیں۔ اجلاس میں فیصلہ کیا گیا کہ ترقیاتی منصوبوں کی بروقت تکمیل کو یقینی بنایا جائے گا اور شفافیت کو ہر صورت برقرار رکھا جائے گا۔ ذرائع کے مطابق آئندہ ہفتے مزید اجلاس طلب کیے جائیں گے جن میں پیش رفت کا جائزہ لیا جائے گا۔
55
خبرنامہ
خبر
اسلام آباد: وفاقی دارالحکومت میں آج اہم اجلاس منعقد ہوا جس میں مختلف امور پر تفصیلی غور کیا گیا۔ حکام نے بتایا کہ عوام کی سہولت کے لیے نئے اقدامات کیے جا رہے ہیں اور اس سلسلے میں متعلقہ اداروں کو ہدایات جاری کر دی گئی ہیں۔ اجلاس میں فیصلہ کیا گیا کہ ترقیاتی منصوبوں کی بروقت تکمیل کو یقینی بنایا جائے گا اور شفافیت کو ہر صورت برقرار رکھا جائے گا۔ ذرائع کے مطابق آئندہ ہفتے مزید اجلاس طلب کیے جائیں گے جن میں پیش رفت کا جائزہ لیا جائے گا۔
56
خبرنامہ
خبر
اسلام آباد: وفاقی دارالحکومت میں آج اہم اجلاس منعقد ہوا جس میں مختلف امور پر تفصیلی غور کیا گیا۔ حکام نے بتایا کہ عوام کی سہولت کے لیے نئے اقدامات کیے جا رہے ہیں اور اس سلسلے میں متعلقہ اداروں کو ہدایات جاری کر دی گئی ہیں۔ اجلاس میں فیصلہ کیا گیا کہ ترقیاتی منصوبوں کی بروقت تکمیل کو یقینی بنایا جائے گا اور شفافیت کو ہر صورت برقرار رکھا جائے گا۔ ذرائع کے مطابق آئندہ ہفتے مزید اجلاس طلب کیے جائیں گے جن میں پیش رفت کا جائزہ لیا جائے گا۔
57
خبرنامہ
خبر
اسلام آباد: وفاقی دارالحکومت میں آج اہم اجلاس منعقد ہوا جس میں مختلف امور پر تفصیلی غور کیا گیا۔ حکام نے بتایا کہ عوام کی سہولت کے لیے نئے اقدامات کیے جا رہے ہیں اور اس سلسلے میں متعلقہ اداروں کو ہدایات جاری کر دی گئی ہیں۔ اجلاس میں فیصلہ کیا گیا کہ ترقیاتی منصوبوں کی بروقت تکمیل کو یقینی بنایا جائے گا اور شفافیت کو ہر صورت برقرار رکھا جائے گا۔ ذرائع کے مطابق آئندہ ہفتے مزید اجلاس طلب کیے جائیں گے جن میں پیش رفت کا جائزہ لیا جائے گا۔
58
خبرنامہ
خبر
اسلام آباد: وفاقی دارالحکومت میں آج اہم اجلاس منعقد ہوا جس میں مختلف امور پر تفصیلی غور کیا گیا۔ حکام نے بتایا کہ عوام کی سہولت کے لیے نئے اقدامات کیے جا رہے ہیں اور اس سلسلے میں متعلقہ اداروں کو ہدایات جاری کر دی گئی ہیں۔ اجلاس میں فیصلہ کیا گیا کہ ترقیاتی منصوبوں کی بروقت تکمیل کو یقینی بنایا جائے گا اور شفافیت کو ہر صورت برقرار رکھا جائے گا۔ ذرائع کے مطابق آئندہ ہفتے مزید اجلاس طلب کیے جائیں گے جن میں پیش رفت کا جائزہ لیا جائے گا۔
59
خبرنامہ
خبر
اسلام آباد: وفاقی دارالحکومت میں آج اہم اجلاس منعقد ہوا جس میں مختلف امور پر تفصیلی غور کیا گیا۔ حکام نے بتایا کہ عوام کی سہولت کے لیے نئے اقدامات کیے جا رہے ہیں اور اس سلسلے میں متعلقہ اداروں کو ہدایات جاری کر دی گئی ہیں۔ اجلاس میں فیصلہ کیا گیا کہ ترقیاتی منصوبوں کی بروقت تکمیل کو یقینی بنایا جائے گا اور شفافیت کو ہر صورت برقرار رکھا جائے گا۔ ذرائع کے مطابق آئندہ ہفتے مزید اجلاس طلب کیے جائیں گے جن میں پیش رفت کا جائزہ لیا جائے گا۔
60
خبرنامہ
خبر
اسلام آباد: وفاقی دارالحکومت میں آج اہم اجلاس منعقد ہوا جس میں مختلف امور پر تفصیلی غور کیا گیا۔ حکام نے بتایا کہ عوام کی سہولت کے لیے نئے اقدامات کیے جا رہے ہیں اور اس سلسلے میں متعلقہ اداروں کو ہدایات جاری کر دی گئی ہیں۔ اجلاس میں فیصلہ کیا گیا کہ ترقیاتی منصوبوں کی بروقت تکمیل کو یقینی بنایا جائے گا اور شفافیت کو ہر صورت برقرار رکھا جائے گا۔ ذرائع کے مطابق آئندہ ہفتے مزید اجلاس طلب کیے جائیں گے جن میں پیش رفت کا جائزہ لیا جائے گا۔
61
خبرنامہ
خبر
اسلام آباد: وفاقی دارالحکومت میں آج اہم اجلاس منعقد ہوا جس میں مختلف امور پر تفصیلی غور کیا گیا۔ حکام نے بتایا کہ عوام کی سہولت کے لیے نئے اقدامات کیے جا رہے ہیں اور اس سلسلے میں متعلقہ اداروں کو ہدایات جاری کر دی گئی ہیں۔ اجلاس میں فیصلہ کیا گیا کہ ترقیاتی منصوبوں کی بروقت تکمیل کو یقینی بنایا جائے گا اور شفافیت کو ہر صورت برقرار رکھا جائے گا۔ ذرائع کے مطابق آئندہ ہفتے مزید اجلاس طلب کیے جائیں گے جن میں پیش رفت کا جائزہ لیا جائے گا۔
62
خبرنامہ
خبر
اسلام آباد: وفاقی دارالحکومت میں آج اہم اجلاس منعقد ہوا جس میں مختلف امور پر تفصیلی غور کیا گیا۔ حکام نے بتایا کہ عوام کی سہولت کے لیے نئے اقدامات کیے جا رہے ہیں اور اس سلسلے میں متعلقہ اداروں کو ہدایات جاری کر دی گئی ہیں۔ اجلاس میں فیصلہ کیا گیا کہ ترقیاتی منصوبوں کی بروقت تکمیل کو یقینی بنایا جائے گا اور شفافیت کو ہر صورت برقرار رکھا جائے گا۔ ذرائع کے مطابق آئندہ ہفتے مزید اجلاس طلب کیے جائیں گے جن میں پیش رفت کا جائزہ لیا جائے گا۔
63
خبرنامہ
خبر
اسلام آباد: وفاقی دارالحکومت میں آج اہم اجلاس منعقد ہوا جس میں مختلف امور پر تفصیلی غور کیا گیا۔ حکام نے بتایا کہ عوام کی سہولت کے لیے نئے اقدامات کیے جا رہے ہیں اور اس سلسلے میں متعلقہ اداروں کو ہدایات جاری کر دی گئی ہیں۔ اجلاس میں فیصلہ کیا گیا کہ ترقیاتی منصوبوں کی بروقت تکمیل کو یقینی بنایا جائے گا اور شفافیت کو ہر صورت برقرار رکھا جائے گا۔ ذرائع کے مطابق آئندہ ہفتے مزید اجلاس طلب کیے جائیں گے جن میں پیش رفت کا جائزہ لیا جائے گا۔
64
خبرنامہ
خبر
اسلام آباد: وفاقی دارالحکومت میں آج اہم اجلاس منعقد ہوا جس میں مختلف امور پر تفصیلی غور کیا گیا۔ حکام نے بتایا کہ عوام کی سہولت کے لیے نئے اقدامات کیے جا رہے ہیں اور اس سلسلے میں متعلقہ اداروں کو ہدایات جاری کر دی گئی ہیں۔ اجلاس میں فیصلہ کیا گیا کہ ترقیاتی منصوبوں کی بروقت تکمیل کو یقینی بنایا جائے گا اور شفافیت کو ہر صورت برقرار رکھا جائے گا۔ ذرائع کے مطابق آئندہ ہفتے مزید اجلاس طلب کیے جائیں گے جن میں پیش رفت کا جائزہ لیا جائے گا۔
65
خبرنامہ
خبر
اسلام آباد: وفاقی دارالحکومت میں آج اہم اجلاس منعقد ہوا جس میں مختلف امور پر تفصیلی غور کیا گیا۔ حکام نے بتایا کہ عوام کی سہولت کے لیے نئے اقدامات کیے جا رہے ہیں اور اس سلسلے میں متعلقہ اداروں کو ہدایات جاری کر دی گئی ہیں۔ اجلاس میں فیصلہ کیا گیا کہ ترقیاتی منصوبوں کی بروقت تکمیل کو یقینی بنایا جائے گا اور شفافیت کو ہر صورت برقرار رکھا جائے گا۔ ذرائع کے مطابق آئندہ ہفتے مزید اجلاس طلب کیے جائیں گے جن میں پیش رفت کا جائزہ لیا جائے گا۔
66
خبرنامہ
خبر
اسلام آباد: وفاقی دارالحکومت میں آج اہم اجلاس منعقد ہوا جس میں مختلف امور پر تفصیلی غور کیا گیا۔ حکام نے بتایا کہ عوام کی سہولت کے لیے نئے اقدامات کیے جا رہے ہیں اور اس سلسلے میں متعلقہ اداروں کو ہدایات جاری کر دی گئی ہیں۔ اجلاس میں فیصلہ کیا گیا کہ ترقیاتی منصوبوں کی بروقت تکمیل کو یقینی بنایا جائے گا اور شفافیت کو ہر صورت برقرار رکھا جائے گا۔ ذرائع کے مطابق آئندہ ہفتے مزید اجلاس طلب کیے جائیں گے جن میں پیش رفت کا جائزہ لیا جائے گا۔
67
خبرنامہ
خبر
اسلام آباد: وفاقی دارالحکومت میں آج اہم اجلاس منعقد ہوا جس میں مختلف امور پر تفصیلی غور کیا گیا۔ حکام نے بتایا کہ عوام کی سہولت کے لیے نئے اقدامات کیے جا رہے ہیں اور اس سلسلے میں متعلقہ اداروں کو ہدایات جاری کر دی گئی ہیں۔ اجلاس میں فیصلہ کیا گیا کہ ترقیاتی منصوبوں کی بروقت تکمیل کو یقینی بنایا جائے گا اور شفافیت کو ہر صورت برقرار رکھا جائے گا۔ ذرائع کے مطابق آئندہ ہفتے مزید اجلاس طلب کیے جائیں گے جن میں پیش رفت کا جائزہ لیا جائے گا۔
68
خبرنامہ
خبر
اسلام آباد: وفاقی دارالحکومت میں آج اہم اجلاس منعقد ہوا جس میں مختلف امور پر تفصیلی غور کیا گیا۔ حکام نے بتایا کہ عوام کی سہولت کے لیے نئے اقدامات کیے جا رہے ہیں اور اس سلسلے میں متعلقہ اداروں کو ہدایات جاری کر دی گئی ہیں۔ اجلاس میں فیصلہ کیا گیا کہ ترقیاتی منصوبوں کی بروقت تکمیل کو یقینی بنایا جائے گا اور شفافیت کو ہر صورت برقرار رکھا جائے گا۔ ذرائع کے مطابق آئندہ ہفتے مزید اجلاس طلب کیے جائیں گے جن میں پیش رفت کا جائزہ لیا جائے گا۔
69
خبرنامہ
خبر
اسلام آباد: وفاقی دارالحکومت میں آج اہم اجلاس منعقد ہوا جس میں مختلف امور پر تفصیلی غور کیا گیا۔ حکام نے بتایا کہ عوام کی سہولت کے لیے نئے اقدامات کیے جا رہے ہیں اور اس سلسلے میں متعلقہ اداروں کو ہدایات جاری کر دی گئی ہیں۔ اجلاس میں فیصلہ کیا گیا کہ ترقیاتی منصوبوں کی بروقت تکمیل کو یقینی بنایا جائے گا اور شفافیت کو ہر صورت برقرار رکھا جائے گا۔ ذرائع کے مطابق آئندہ ہفتے مزید اجلاس طلب کیے جائیں گے جن میں پیش رفت کا جائزہ لیا جائے گا۔
70
خبرنامہ
خبر
اسلام آباد: وفاقی دارالحکومت میں آج اہم اجلاس منعقد ہوا جس میں مختلف امور پر تفصیلی غور کیا گیا۔ حکام نے بتایا کہ عوام کی سہولت کے لیے نئے اقدامات کیے جا رہے ہیں اور اس سلسلے میں متعلقہ اداروں کو ہدایات جاری کر دی گئی ہیں۔ اجلاس میں فیصلہ کیا گیا کہ ترقیاتی منصوبوں کی بروقت تکمیل کو یقینی بنایا جائے گا اور شفافیت کو ہر صورت برقرار رکھا جائے گا۔ ذرائع کے مطابق آئندہ ہفتے مزید اجلاس طلب کیے جائیں گے جن میں پیش رفت کا جائزہ لیا جائے گا۔
